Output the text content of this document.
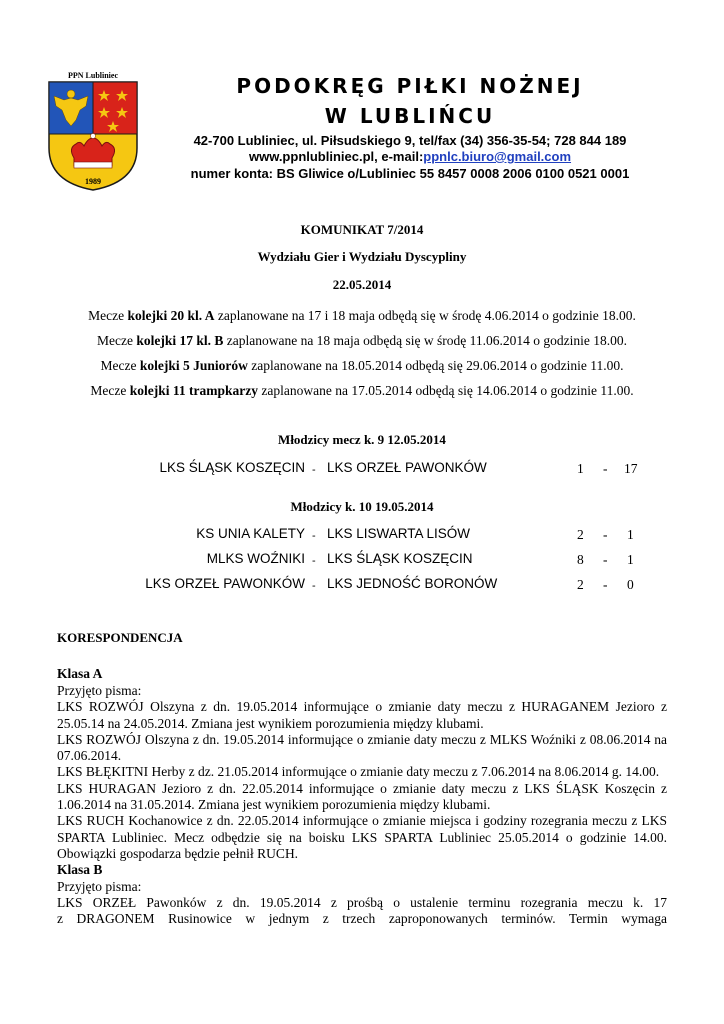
PPN Lubliniec
1989
PODOKRĘG PIŁKI NOŻNEJ
W LUBLIŃCU
42-700 Lubliniec, ul. Piłsudskiego 9, tel/fax (34) 356-35-54; 728 844 189
www.ppnlubliniec.pl, e-mail:ppnlc.biuro@gmail.com
numer konta: BS Gliwice o/Lubliniec 55 8457 0008 2006 0100 0521 0001
KOMUNIKAT 7/2014
Wydziału Gier i Wydziału Dyscypliny
22.05.2014
Mecze kolejki 20 kl. A zaplanowane na 17 i 18 maja odbędą się w środę 4.06.2014 o godzinie 18.00.
Mecze kolejki 17 kl. B zaplanowane na 18 maja odbędą się w środę 11.06.2014 o godzinie 18.00.
Mecze kolejki 5 Juniorów zaplanowane na 18.05.2014 odbędą się 29.06.2014 o godzinie 11.00.
Mecze kolejki 11 trampkarzy zaplanowane na 17.05.2014 odbędą się 14.06.2014 o godzinie 11.00.
Młodzicy mecz k. 9 12.05.2014
LKS ŚLĄSK KOSZĘCIN - LKS ORZEŁ PAWONKÓW	1 - 17
Młodzicy k. 10 19.05.2014
KS UNIA KALETY - LKS LISWARTA LISÓW	2 - 1
MLKS WOŹNIKI - LKS ŚLĄSK KOSZĘCIN	8 - 1
LKS ORZEŁ PAWONKÓW - LKS JEDNOŚĆ BORONÓW	2 - 0
KORESPONDENCJA
Klasa A
Przyjęto pisma:
LKS ROZWÓJ Olszyna z dn. 19.05.2014 informujące o zmianie daty meczu z HURAGANEM Jezioro z 25.05.14 na 24.05.2014. Zmiana jest wynikiem porozumienia między klubami.
LKS ROZWÓJ Olszyna z dn. 19.05.2014 informujące o zmianie daty meczu z MLKS Woźniki z 08.06.2014 na 07.06.2014.
LKS BŁĘKITNI Herby z dz. 21.05.2014 informujące o zmianie daty meczu z 7.06.2014 na 8.06.2014 g. 14.00.
LKS HURAGAN Jezioro z dn. 22.05.2014 informujące o zmianie daty meczu z LKS ŚLĄSK Koszęcin z 1.06.2014 na 31.05.2014. Zmiana jest wynikiem porozumienia między klubami.
LKS RUCH Kochanowice z dn. 22.05.2014 informujące o zmianie miejsca i godziny rozegrania meczu z LKS SPARTA Lubliniec. Mecz odbędzie się na boisku LKS SPARTA Lubliniec 25.05.2014 o godzinie 14.00. Obowiązki gospodarza będzie pełnił RUCH.
Klasa B
Przyjęto pisma:
LKS ORZEŁ Pawonków z dn. 19.05.2014 z prośbą o ustalenie terminu rozegrania meczu k. 17
z DRAGONEM Rusinowice w jednym z trzech zaproponowanych terminów. Termin wymaga
